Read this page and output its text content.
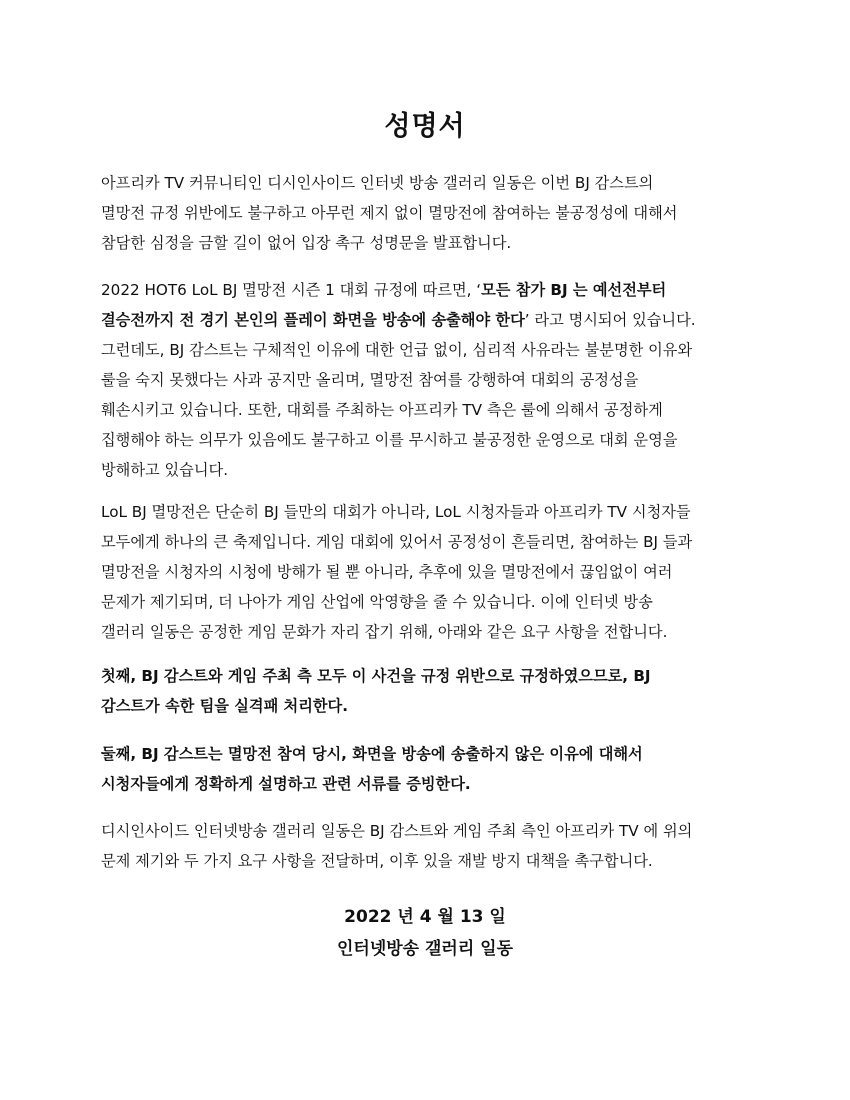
성명서
아프리카 TV 커뮤니티인 디시인사이드 인터넷 방송 갤러리 일동은 이번 BJ 감스트의
멸망전 규정 위반에도 불구하고 아무런 제지 없이 멸망전에 참여하는 불공정성에 대해서
참담한 심정을 금할 길이 없어 입장 촉구 성명문을 발표합니다.
2022 HOT6 LoL BJ 멸망전 시즌 1 대회 규정에 따르면, ‘모든 참가 BJ 는 예선전부터
결승전까지 전 경기 본인의 플레이 화면을 방송에 송출해야 한다’ 라고 명시되어 있습니다.
그런데도, BJ 감스트는 구체적인 이유에 대한 언급 없이, 심리적 사유라는 불분명한 이유와
룰을 숙지 못했다는 사과 공지만 올리며, 멸망전 참여를 강행하여 대회의 공정성을
훼손시키고 있습니다. 또한, 대회를 주최하는 아프리카 TV 측은 룰에 의해서 공정하게
집행해야 하는 의무가 있음에도 불구하고 이를 무시하고 불공정한 운영으로 대회 운영을
방해하고 있습니다.
LoL BJ 멸망전은 단순히 BJ 들만의 대회가 아니라, LoL 시청자들과 아프리카 TV 시청자들
모두에게 하나의 큰 축제입니다. 게임 대회에 있어서 공정성이 흔들리면, 참여하는 BJ 들과
멸망전을 시청자의 시청에 방해가 될 뿐 아니라, 추후에 있을 멸망전에서 끊임없이 여러
문제가 제기되며, 더 나아가 게임 산업에 악영향을 줄 수 있습니다. 이에 인터넷 방송
갤러리 일동은 공정한 게임 문화가 자리 잡기 위해, 아래와 같은 요구 사항을 전합니다.
첫째, BJ 감스트와 게임 주최 측 모두 이 사건을 규정 위반으로 규정하였으므로, BJ
감스트가 속한 팀을 실격패 처리한다.
둘째, BJ 감스트는 멸망전 참여 당시, 화면을 방송에 송출하지 않은 이유에 대해서
시청자들에게 정확하게 설명하고 관련 서류를 증빙한다.
디시인사이드 인터넷방송 갤러리 일동은 BJ 감스트와 게임 주최 측인 아프리카 TV 에 위의
문제 제기와 두 가지 요구 사항을 전달하며, 이후 있을 재발 방지 대책을 촉구합니다.
2022 년 4 월 13 일
인터넷방송 갤러리 일동
